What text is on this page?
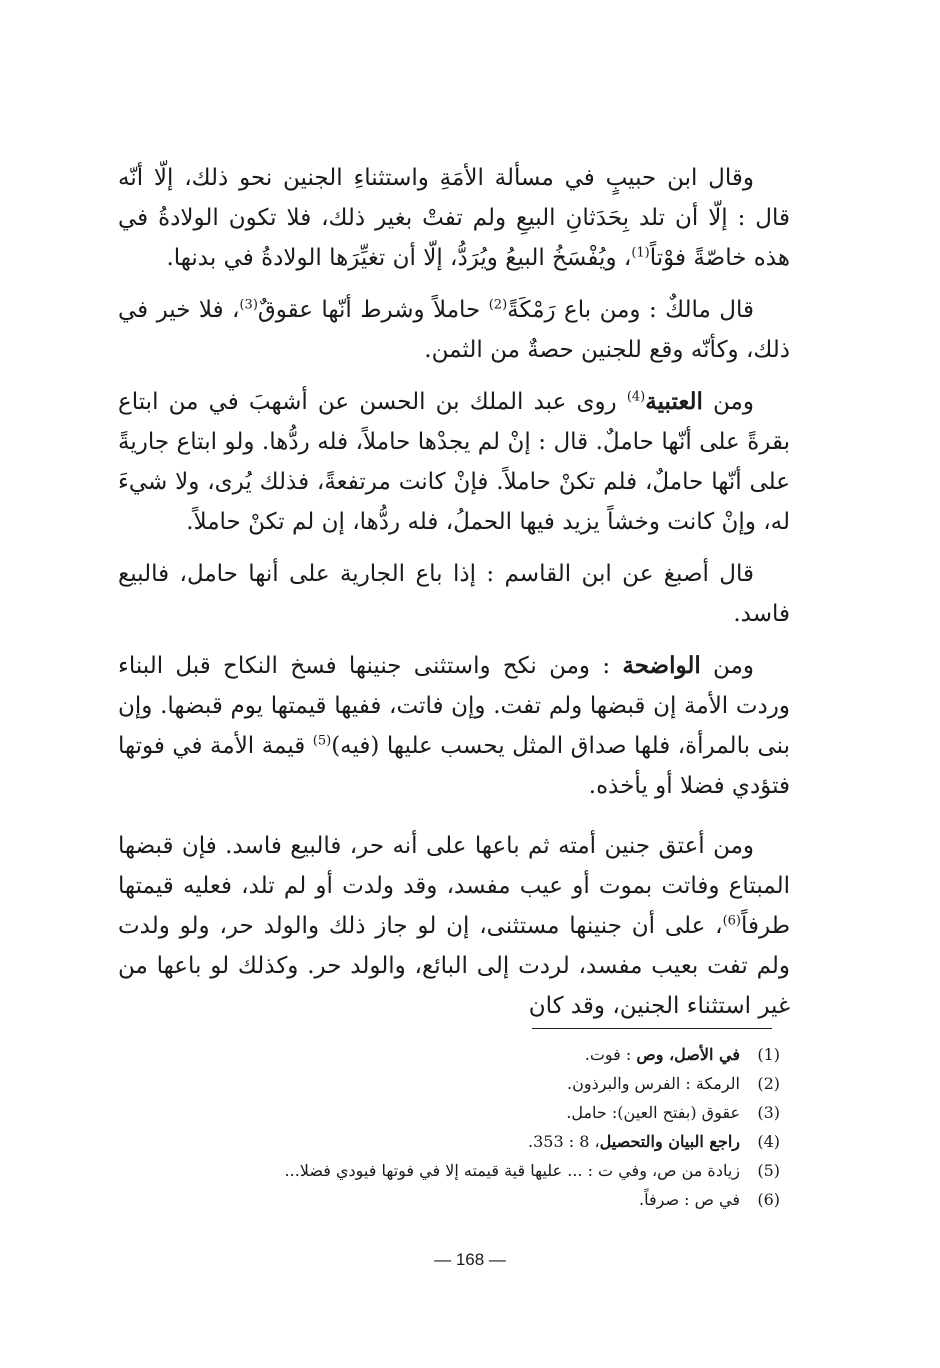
وقال ابن حبيبٍ في مسألة الأمَةِ واستثناءِ الجنين نحو ذلك، إلّا أنّه قال : إلّا أن تلد بِحَدَثانِ البيعِ ولم تفتْ بغير ذلك، فلا تكون الولادةُ في هذه خاصّةً فوْتاً$^{(1)}$، ويُفْسَخُ البيعُ ويُرَدُّ، إلّا أن تغيِّرَها الولادةُ في بدنها.

قال مالكٌ : ومن باع رَمْكَةً$^{(2)}$ حاملاً وشرط أنّها عقوقٌ$^{(3)}$، فلا خير في ذلك، وكأنّه وقع للجنين حصةٌ من الثمن.

ومن العتبية$^{(4)}$ روى عبد الملك بن الحسن عن أشهبَ في من ابتاع بقرةً على أنّها حاملٌ. قال : إنْ لم يجدْها حاملاً، فله ردُّها. ولو ابتاع جاريةً على أنّها حاملٌ، فلم تكنْ حاملاً. فإنْ كانت مرتفعةً، فذلك يُرى، ولا شيءَ له، وإنْ كانت وخشاً يزيد فيها الحملُ، فله ردُّها، إن لم تكنْ حاملاً.

قال أصبغ عن ابن القاسم : إذا باع الجارية على أنها حامل، فالبيع فاسد.

ومن الواضحة : ومن نكح واستثنى جنينها فسخ النكاح قبل البناء وردت الأمة إن قبضها ولم تفت. وإن فاتت، ففيها قيمتها يوم قبضها. وإن بنى بالمرأة، فلها صداق المثل يحسب عليها (فيه)$^{(5)}$ قيمة الأمة في فوتها فتؤدي فضلا أو يأخذه.

ومن أعتق جنين أمته ثم باعها على أنه حر، فالبيع فاسد. فإن قبضها المبتاع وفاتت بموت أو عيب مفسد، وقد ولدت أو لم تلد، فعليه قيمتها طرفاً$^{(6)}$، على أن جنينها مستثنى، إن لو جاز ذلك والولد حر، ولو ولدت ولم تفت بعيب مفسد، لردت إلى البائع، والولد حر. وكذلك لو باعها من غير استثناء الجنين، وقد كان

(1)
في الأصل، وص : فوت.
(2)
الرمكة : الفرس والبرذون.
(3)
عقوق (بفتح العين): حامل.
(4)
راجع البيان والتحصيل، 8 : 353.
(5)
زيادة من ص، وفي ت : ... عليها قية قيمته إلا في فوتها فيودي فضلا...
(6)
في ص : صرفاً.
— 168 —
